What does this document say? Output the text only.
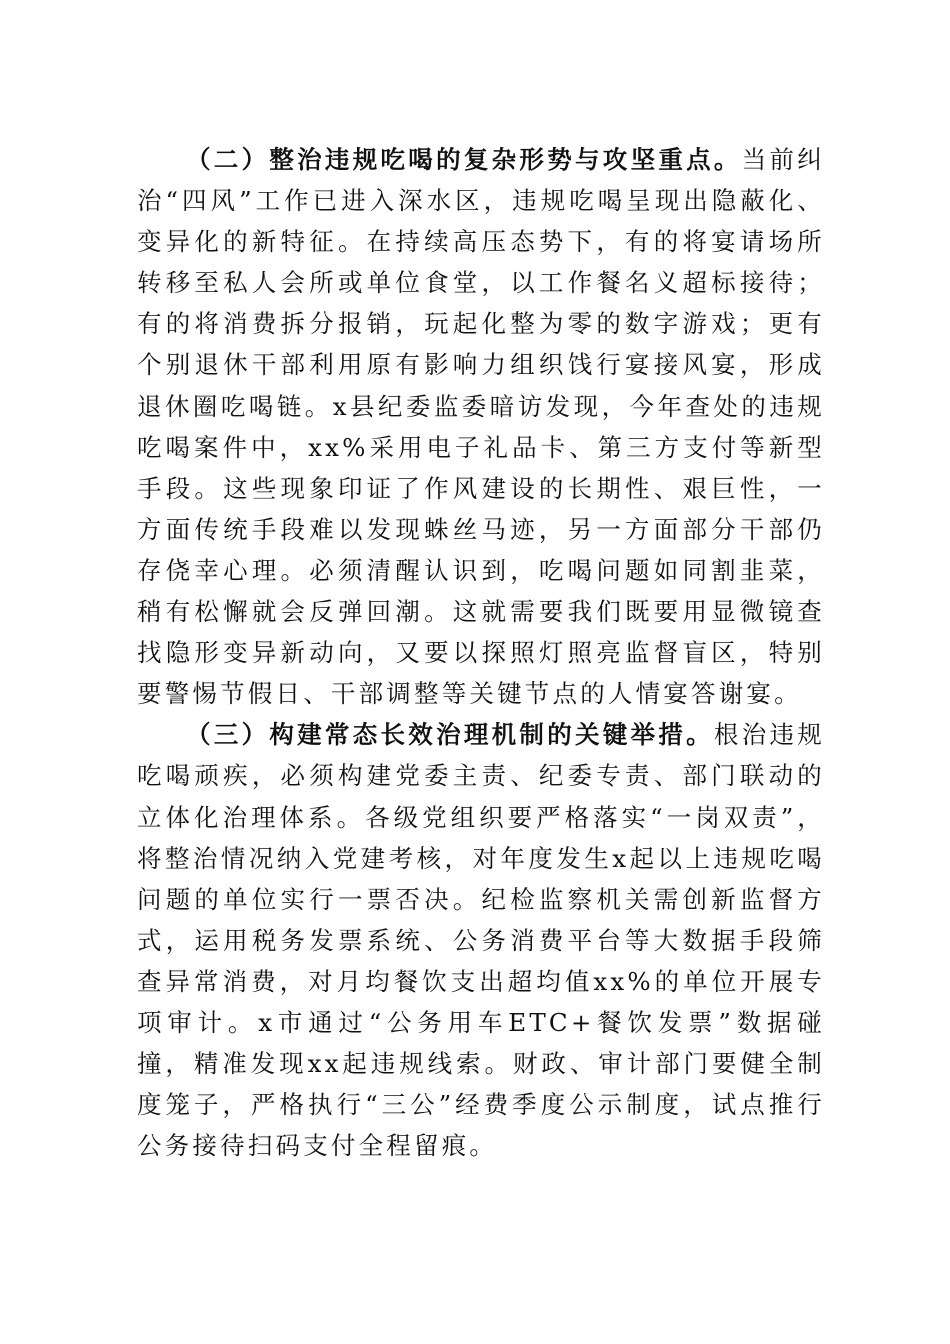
（二）整治违规吃喝的复杂形势与攻坚重点。当前纠治“四风”工作已进入深水区，违规吃喝呈现出隐蔽化、变异化的新特征。在持续高压态势下，有的将宴请场所转移至私人会所或单位食堂，以工作餐名义超标接待；有的将消费拆分报销，玩起化整为零的数字游戏；更有个别退休干部利用原有影响力组织饯行宴接风宴，形成退休圈吃喝链。x县纪委监委暗访发现，今年查处的违规吃喝案件中，xx%采用电子礼品卡、第三方支付等新型手段。这些现象印证了作风建设的长期性、艰巨性，一方面传统手段难以发现蛛丝马迹，另一方面部分干部仍存侥幸心理。必须清醒认识到，吃喝问题如同割韭菜，稍有松懈就会反弹回潮。这就需要我们既要用显微镜查找隐形变异新动向，又要以探照灯照亮监督盲区，特别要警惕节假日、干部调整等关键节点的人情宴答谢宴。

（三）构建常态长效治理机制的关键举措。根治违规吃喝顽疾，必须构建党委主责、纪委专责、部门联动的立体化治理体系。各级党组织要严格落实“一岗双责”，将整治情况纳入党建考核，对年度发生x起以上违规吃喝问题的单位实行一票否决。纪检监察机关需创新监督方式，运用税务发票系统、公务消费平台等大数据手段筛查异常消费，对月均餐饮支出超均值xx%的单位开展专项审计。x市通过“公务用车ETC+餐饮发票”数据碰撞，精准发现xx起违规线索。财政、审计部门要健全制度笼子，严格执行“三公”经费季度公示制度，试点推行公务接待扫码支付全程留痕。
